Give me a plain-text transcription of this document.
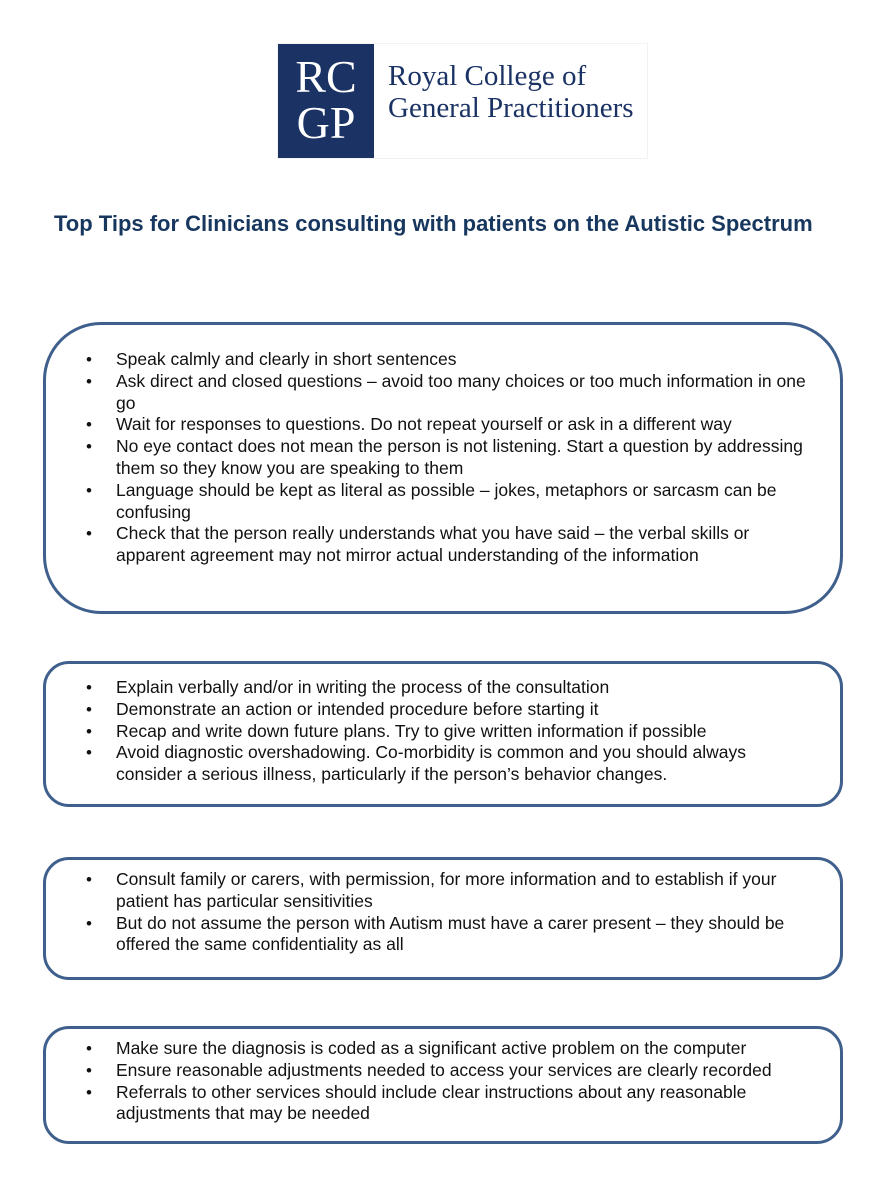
RC
GP
Royal College of
General Practitioners
Top Tips for Clinicians consulting with patients on the Autistic Spectrum
• Speak calmly and clearly in short sentences
• Ask direct and closed questions – avoid too many choices or too much information in one go
• Wait for responses to questions. Do not repeat yourself or ask in a different way
• No eye contact does not mean the person is not listening. Start a question by addressing them so they know you are speaking to them
• Language should be kept as literal as possible – jokes, metaphors or sarcasm can be confusing
• Check that the person really understands what you have said – the verbal skills or apparent agreement may not mirror actual understanding of the information
• Explain verbally and/or in writing the process of the consultation
• Demonstrate an action or intended procedure before starting it
• Recap and write down future plans. Try to give written information if possible
• Avoid diagnostic overshadowing. Co-morbidity is common and you should always consider a serious illness, particularly if the person’s behavior changes.
• Consult family or carers, with permission, for more information and to establish if your patient has particular sensitivities
• But do not assume the person with Autism must have a carer present – they should be offered the same confidentiality as all
• Make sure the diagnosis is coded as a significant active problem on the computer
• Ensure reasonable adjustments needed to access your services are clearly recorded
• Referrals to other services should include clear instructions about any reasonable adjustments that may be needed
